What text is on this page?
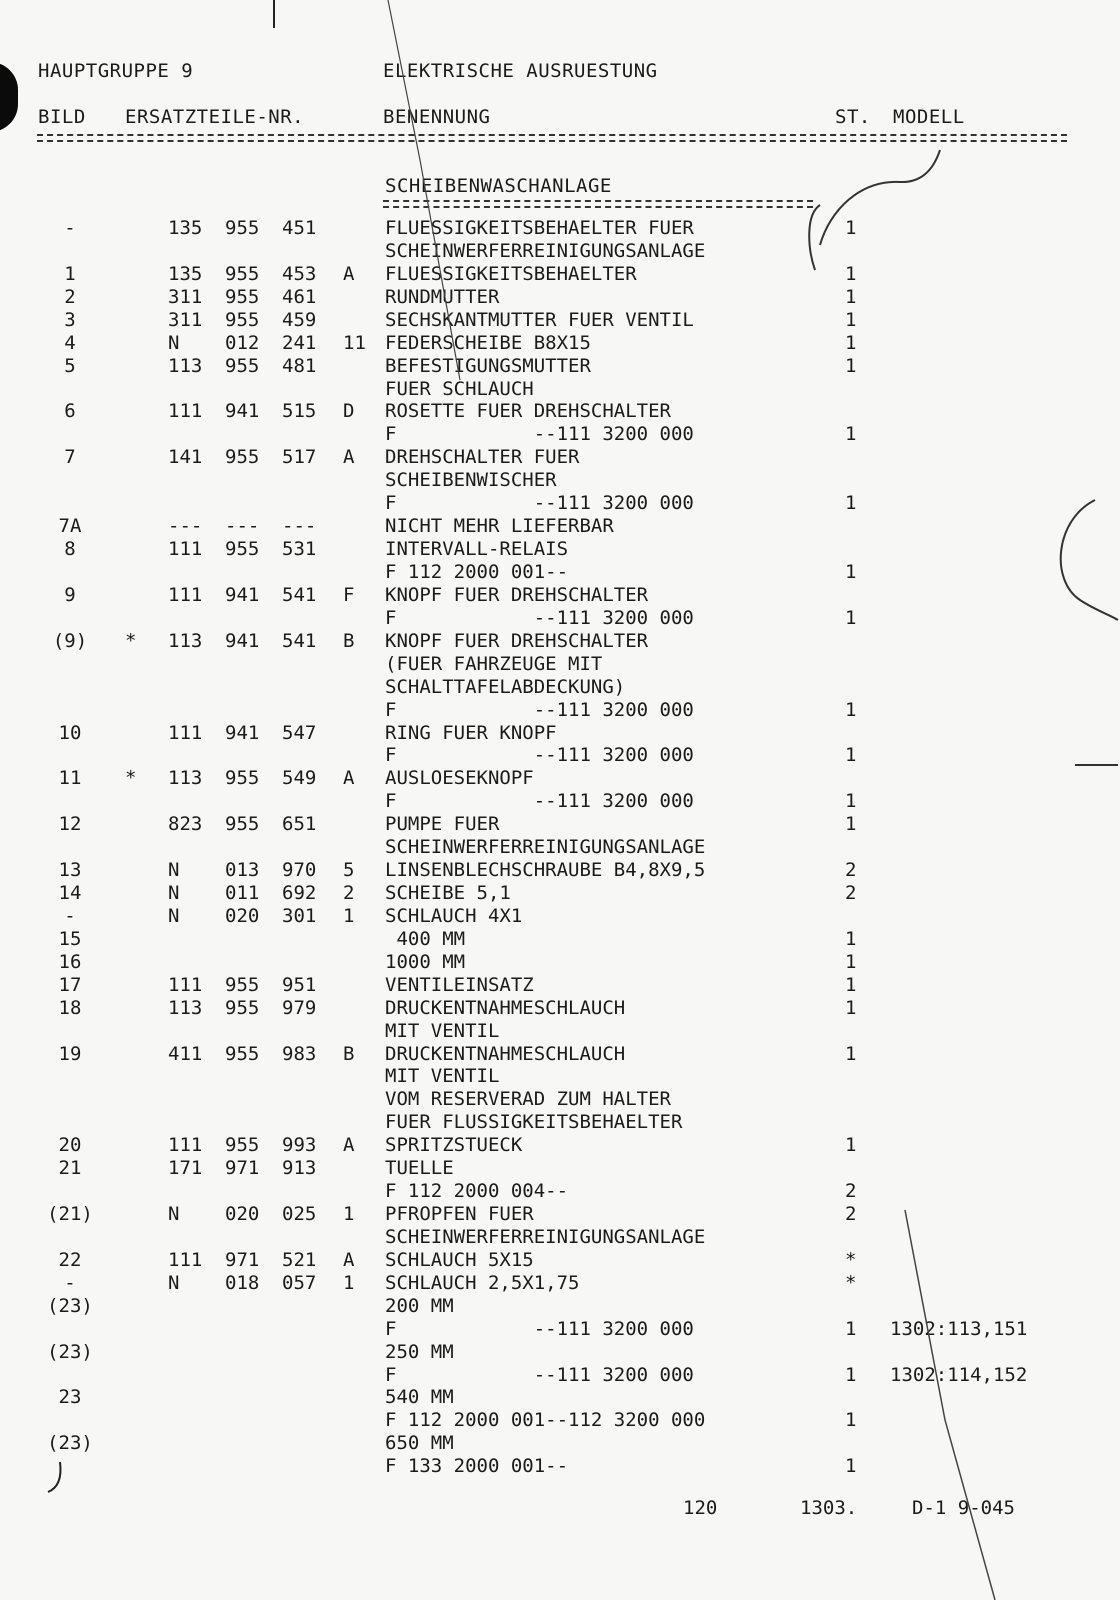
HAUPTGRUPPE 9	ELEKTRISCHE AUSRUESTUNG
BILD ERSATZTEILE-NR.	BENENNUNG	ST. MODELL
SCHEIBENWASCHANLAGE
-	135 955 451	FLUESSIGKEITSBEHAELTER FUER	1
SCHEINWERFERREINIGUNGSANLAGE
1	135 955 453 A FLUESSIGKEITSBEHAELTER	1
2	311 955 461	RUNDMUTTER	1
3	311 955 459	SECHSKANTMUTTER FUER VENTIL	1
4	N 012 241 11 FEDERSCHEIBE B8X15	1
5	113 955 481	BEFESTIGUNGSMUTTER	1
FUER SCHLAUCH
6	111 941 515 D ROSETTE FUER DREHSCHALTER
F            --111 3200 000	1
7	141 955 517 A DREHSCHALTER FUER
SCHEIBENWISCHER
F            --111 3200 000	1
7A	--- --- ---	NICHT MEHR LIEFERBAR
8	111 955 531	INTERVALL-RELAIS
F 112 2000 001--	1
9	111 941 541 F KNOPF FUER DREHSCHALTER
F            --111 3200 000	1
(9)	* 113 941 541 B KNOPF FUER DREHSCHALTER
(FUER FAHRZEUGE MIT
SCHALTTAFELABDECKUNG)
F            --111 3200 000	1
10	111 941 547	RING FUER KNOPF
F            --111 3200 000	1
11	* 113 955 549 A AUSLOESEKNOPF
F            --111 3200 000	1
12	823 955 651	PUMPE FUER	1
SCHEINWERFERREINIGUNGSANLAGE
13	N 013 970 5 LINSENBLECHSCHRAUBE B4,8X9,5	2
14	N 011 692 2 SCHEIBE 5,1	2
-	N 020 301 1 SCHLAUCH 4X1
15	400 MM	1
16	1000 MM	1
17	111 955 951	VENTILEINSATZ	1
18	113 955 979	DRUCKENTNAHMESCHLAUCH	1
MIT VENTIL
19	411 955 983 B DRUCKENTNAHMESCHLAUCH	1
MIT VENTIL
VOM RESERVERAD ZUM HALTER
FUER FLUSSIGKEITSBEHAELTER
20	111 955 993 A SPRITZSTUECK	1
21	171 971 913	TUELLE
F 112 2000 004--	2
(21)	N 020 025 1 PFROPFEN FUER	2
SCHEINWERFERREINIGUNGSANLAGE
22	111 971 521 A SCHLAUCH 5X15	*
-	N 018 057 1 SCHLAUCH 2,5X1,75	*
(23)	200 MM
F            --111 3200 000	1 1302:113,151
(23)	250 MM
F            --111 3200 000	1 1302:114,152
23	540 MM
F 112 2000 001--112 3200 000	1
(23)	650 MM
F 133 2000 001--	1
120	1303.	D-1 9-045
